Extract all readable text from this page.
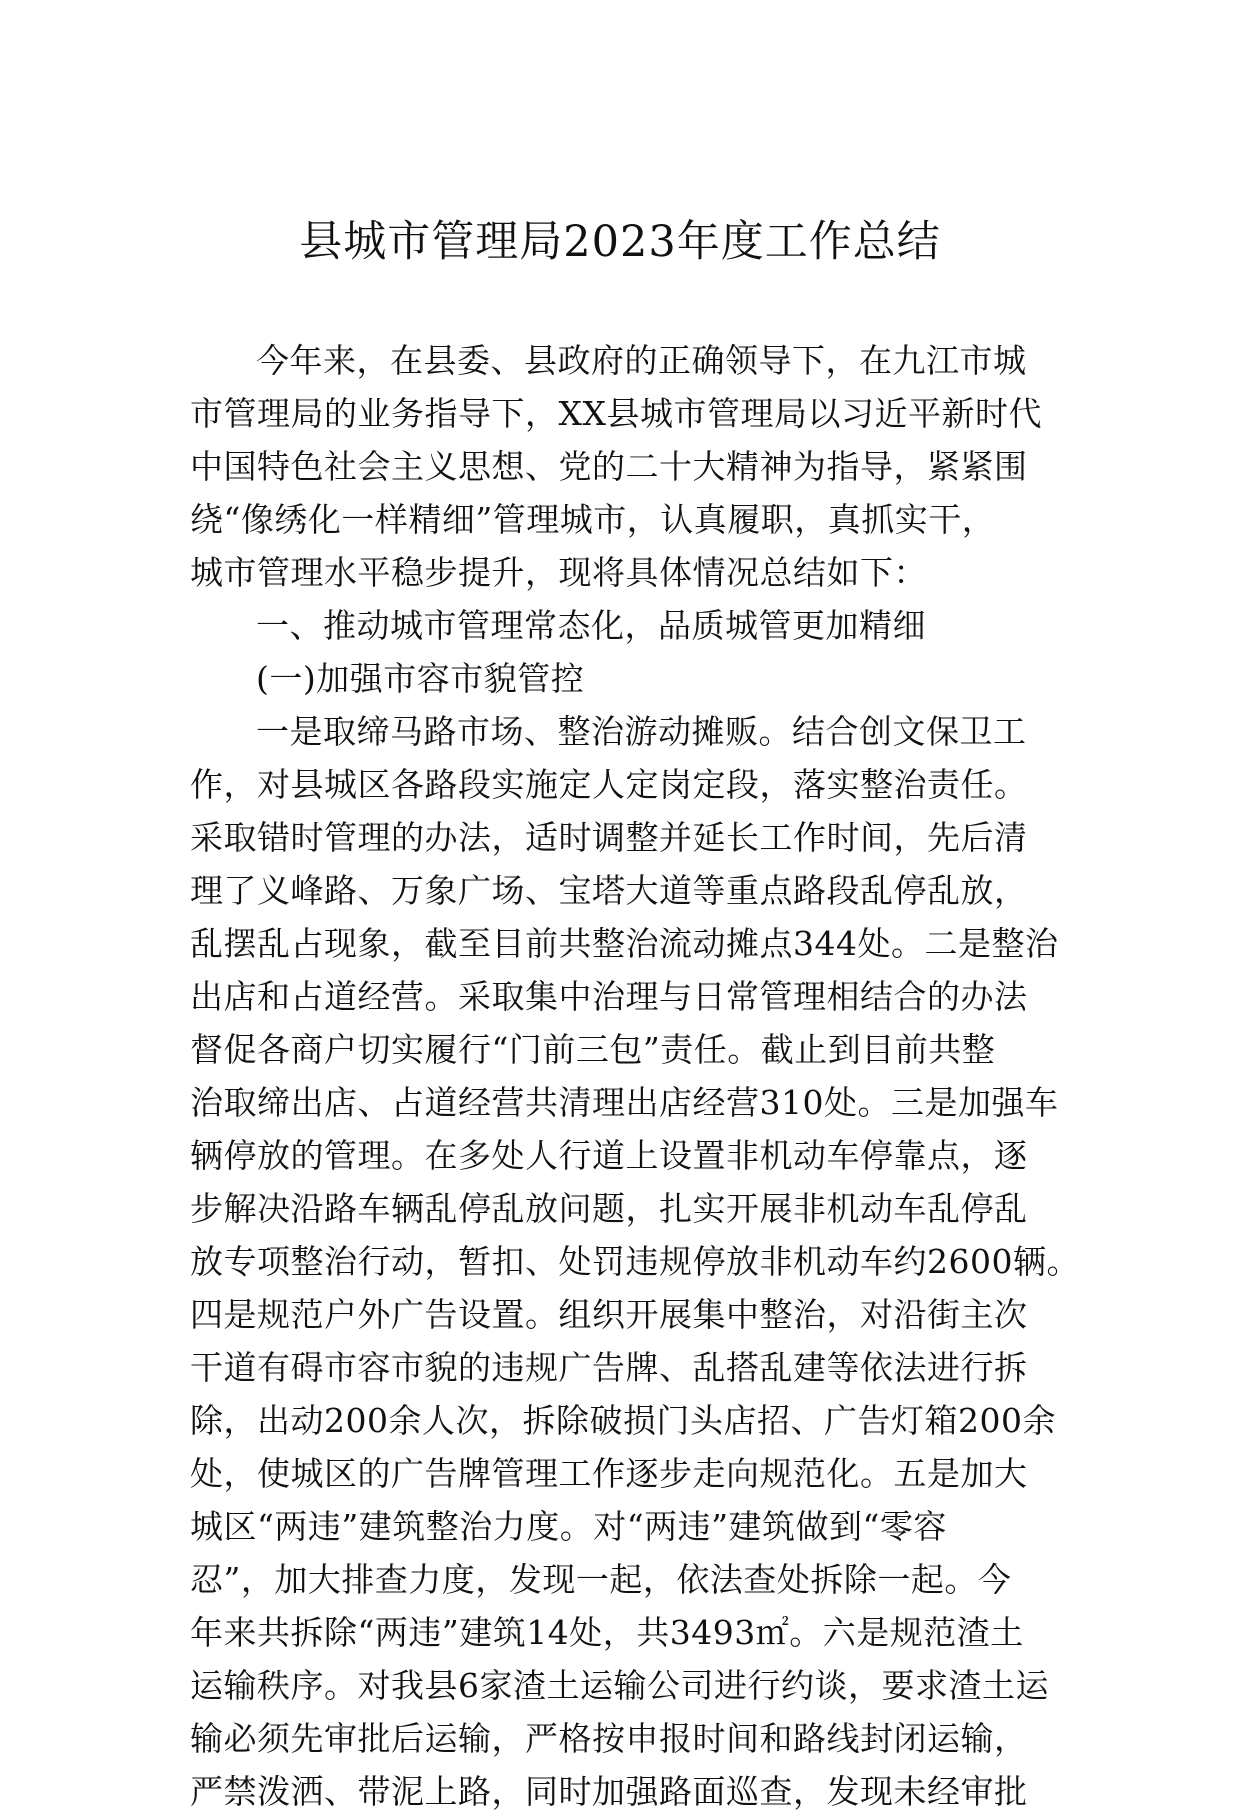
县城市管理局2023年度工作总结
今年来，在县委、县政府的正确领导下，在九江市城
市管理局的业务指导下，XX县城市管理局以习近平新时代
中国特色社会主义思想、党的二十大精神为指导，紧紧围
绕“像绣化一样精细”管理城市，认真履职，真抓实干，
城市管理水平稳步提升，现将具体情况总结如下：
一、推动城市管理常态化，品质城管更加精细
(一)加强市容市貌管控
一是取缔马路市场、整治游动摊贩。结合创文保卫工
作，对县城区各路段实施定人定岗定段，落实整治责任。
采取错时管理的办法，适时调整并延长工作时间，先后清
理了义峰路、万象广场、宝塔大道等重点路段乱停乱放，
乱摆乱占现象，截至目前共整治流动摊点344处。二是整治
出店和占道经营。采取集中治理与日常管理相结合的办法
督促各商户切实履行“门前三包”责任。截止到目前共整
治取缔出店、占道经营共清理出店经营310处。三是加强车
辆停放的管理。在多处人行道上设置非机动车停靠点，逐
步解决沿路车辆乱停乱放问题，扎实开展非机动车乱停乱
放专项整治行动，暂扣、处罚违规停放非机动车约2600辆。
四是规范户外广告设置。组织开展集中整治，对沿街主次
干道有碍市容市貌的违规广告牌、乱搭乱建等依法进行拆
除，出动200余人次，拆除破损门头店招、广告灯箱200余
处，使城区的广告牌管理工作逐步走向规范化。五是加大
城区“两违”建筑整治力度。对“两违”建筑做到“零容
忍”，加大排查力度，发现一起，依法查处拆除一起。今
年来共拆除“两违”建筑14处，共3493㎡。六是规范渣土
运输秩序。对我县6家渣土运输公司进行约谈，要求渣土运
输必须先审批后运输，严格按申报时间和路线封闭运输，
严禁泼洒、带泥上路，同时加强路面巡查，发现未经审批
